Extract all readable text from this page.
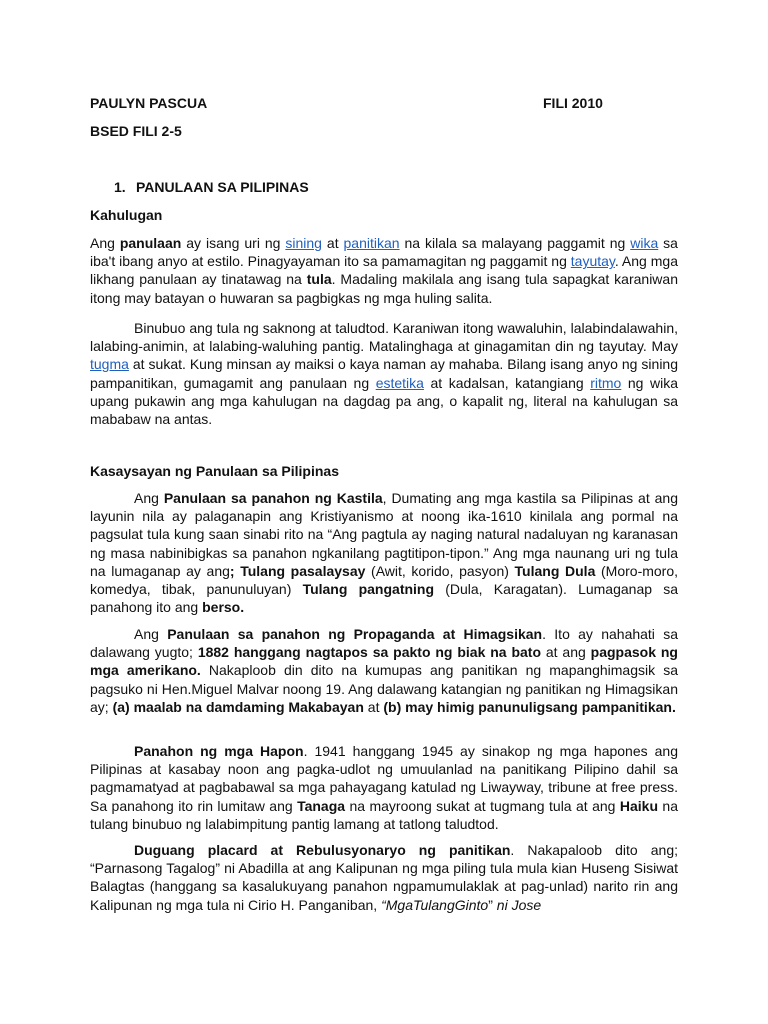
PAULYN PASCUA	FILI 2010
BSED FILI 2-5
1. PANULAAN SA PILIPINAS
Kahulugan
Ang panulaan ay isang uri ng sining at panitikan na kilala sa malayang paggamit ng wika sa iba't ibang anyo at estilo. Pinagyayaman ito sa pamamagitan ng paggamit ng tayutay. Ang mga likhang panulaan ay tinatawag na tula. Madaling makilala ang isang tula sapagkat karaniwan itong may batayan o huwaran sa pagbigkas ng mga huling salita.
Binubuo ang tula ng saknong at taludtod. Karaniwan itong wawaluhin, lalabindalawahin, lalabing-animin, at lalabing-waluhing pantig. Matalinghaga at ginagamitan din ng tayutay. May tugma at sukat. Kung minsan ay maiksi o kaya naman ay mahaba. Bilang isang anyo ng sining pampanitikan, gumagamit ang panulaan ng estetika at kadalsan, katangiang ritmo ng wika upang pukawin ang mga kahulugan na dagdag pa ang, o kapalit ng, literal na kahulugan sa mababaw na antas.
Kasaysayan ng Panulaan sa Pilipinas
Ang Panulaan sa panahon ng Kastila, Dumating ang mga kastila sa Pilipinas at ang layunin nila ay palaganapin ang Kristiyanismo at noong ika-1610 kinilala ang pormal na pagsulat tula kung saan sinabi rito na “Ang pagtula ay naging natural nadaluyan ng karanasan ng masa nabinibigkas sa panahon ngkanilang pagtitipon-tipon.” Ang mga naunang uri ng tula na lumaganap ay ang; Tulang pasalaysay (Awit, korido, pasyon) Tulang Dula (Moro-moro, komedya, tibak, panunuluyan) Tulang pangatning (Dula, Karagatan). Lumaganap sa panahong ito ang berso.
Ang Panulaan sa panahon ng Propaganda at Himagsikan. Ito ay nahahati sa dalawang yugto; 1882 hanggang nagtapos sa pakto ng biak na bato at ang pagpasok ng mga amerikano. Nakaploob din dito na kumupas ang panitikan ng mapanghimagsik sa pagsuko ni Hen.Miguel Malvar noong 19. Ang dalawang katangian ng panitikan ng Himagsikan ay; (a) maalab na damdaming Makabayan at (b) may himig panunuligsang pampanitikan.
Panahon ng mga Hapon. 1941 hanggang 1945 ay sinakop ng mga hapones ang Pilipinas at kasabay noon ang pagka-udlot ng umuulanlad na panitikang Pilipino dahil sa pagmamatyad at pagbabawal sa mga pahayagang katulad ng Liwayway, tribune at free press. Sa panahong ito rin lumitaw ang Tanaga na mayroong sukat at tugmang tula at ang Haiku na tulang binubuo ng lalabimpitung pantig lamang at tatlong taludtod.
Duguang placard at Rebulusyonaryo ng panitikan. Nakapaloob dito ang; “Parnasong Tagalog” ni Abadilla at ang Kalipunan ng mga piling tula mula kian Huseng Sisiwat Balagtas (hanggang sa kasalukuyang panahon ngpamumulaklak at pag-unlad) narito rin ang Kalipunan ng mga tula ni Cirio H. Panganiban, “MgaTulangGinto” ni Jose
